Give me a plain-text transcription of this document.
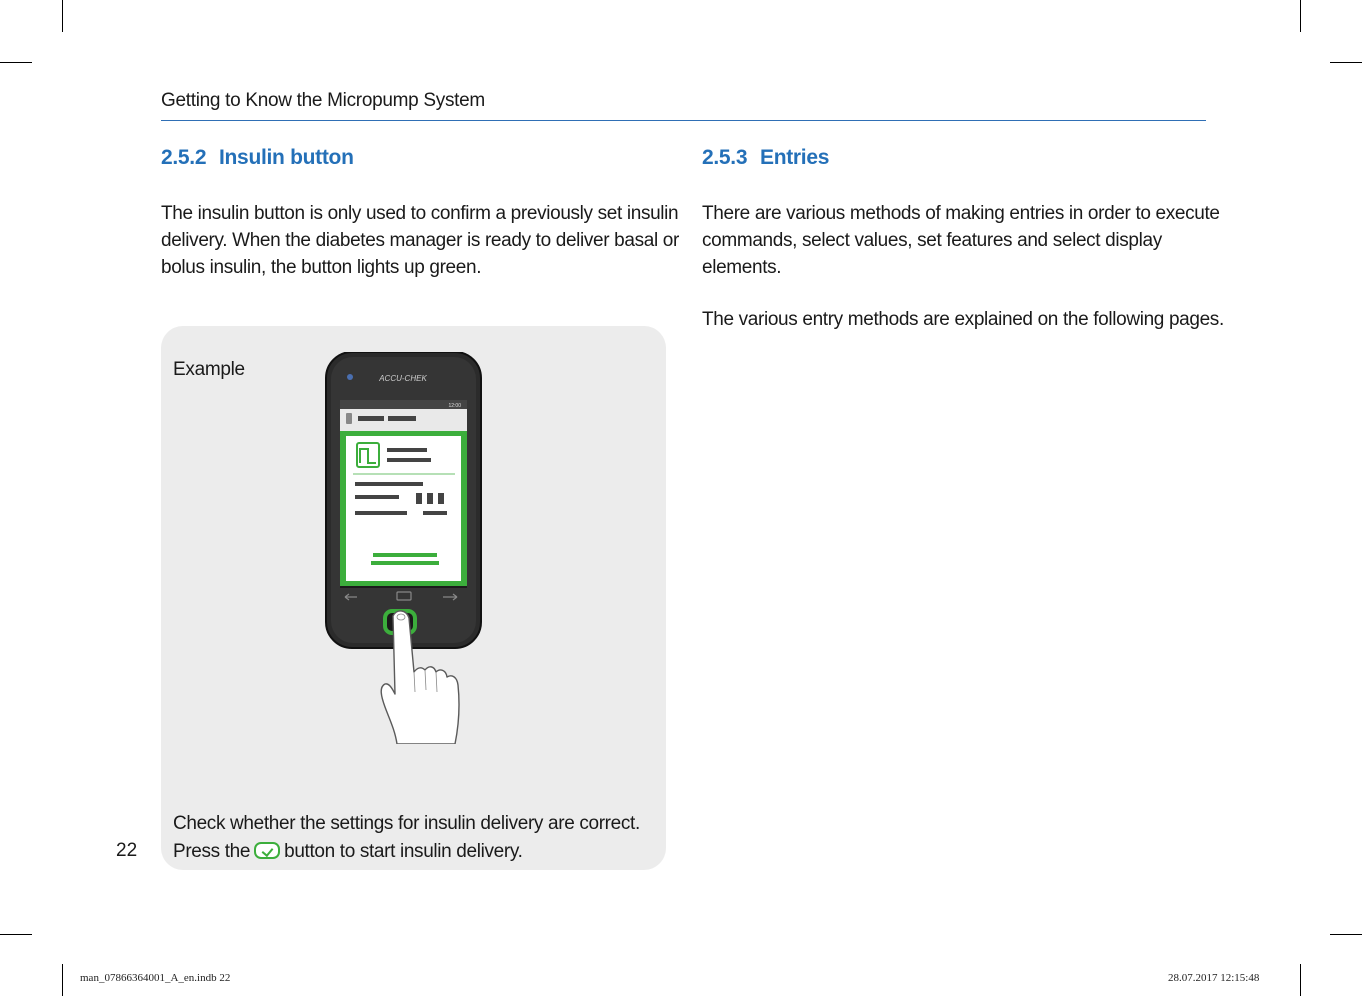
Getting to Know the Micropump System
2.5.2 Insulin button

The insulin button is only used to confirm a previously set insulin
delivery. When the diabetes manager is ready to deliver basal or
bolus insulin, the button lights up green.

Example	ACCU-CHEK
12:00
Check whether the settings for insulin delivery are correct.
Press the button to start insulin delivery.
2.5.3 Entries

There are various methods of making entries in order to execute
commands, select values, set features and select display
elements.

The various entry methods are explained on the following pages.

22
man_07866364001_A_en.indb 22	28.07.2017 12:15:48
